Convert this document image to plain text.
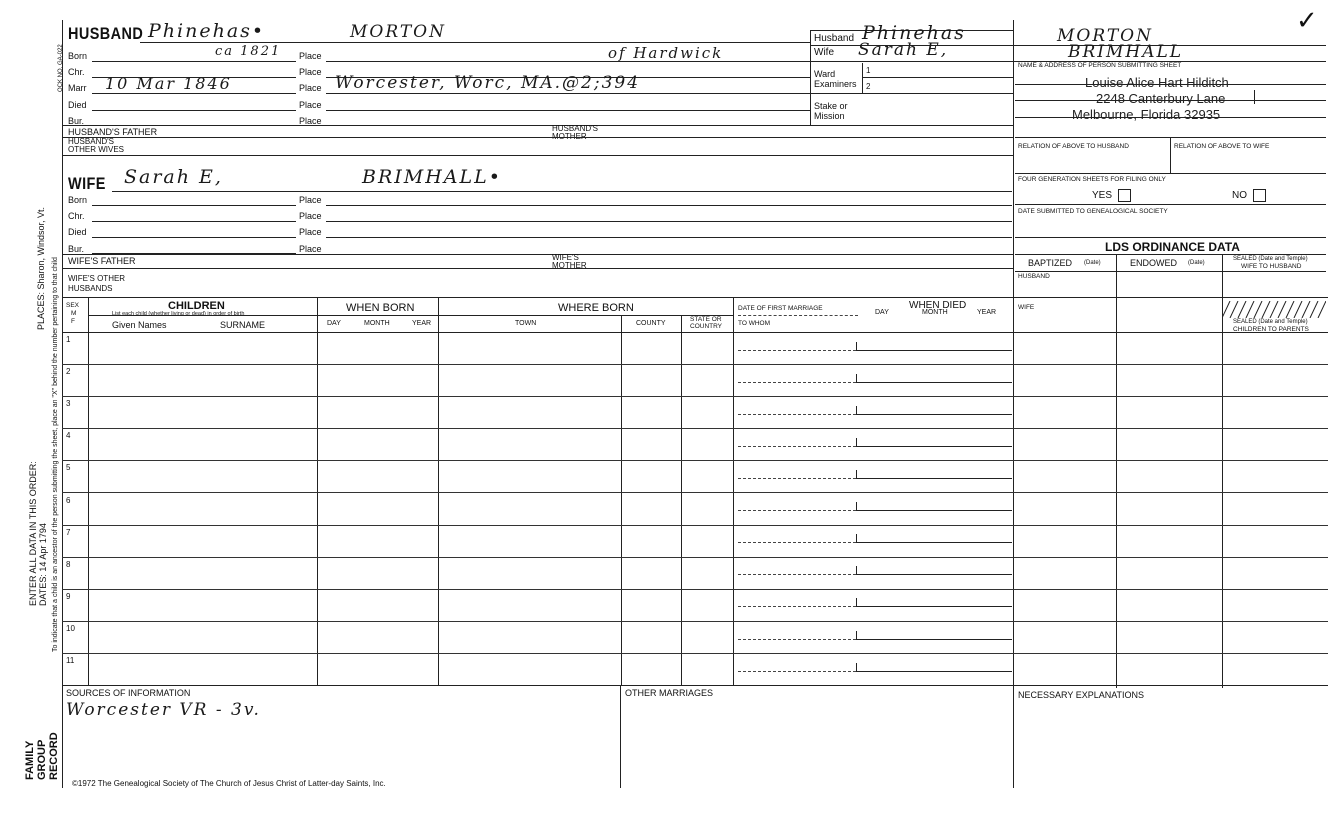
PLACES: Sharon, Windsor, Vt. To indicate that a child is an ancestor of the person submitting the sheet, place an "X" behind the number pertaining to that child
ENTER ALL DATA IN THIS ORDER: DATES: 14 Apr 1794
OCK NO. GA-022
FAMILY GROUP RECORD
HUSBAND Phinehas•	MORTON
Born	ca 1821 Place	of Hardwick
Chr.	Place
Marr 10 Mar 1846	Place Worcester, Worc, MA.@2;394
Died	Place
Bur.	Place
HUSBAND'S FATHER	HUSBAND'S
MOTHER
HUSBAND'S
OTHER WIVES
WIFE Sarah E,	BRIMHALL•
Born	Place
Chr.	Place
Died	Place
Bur.	Place
WIFE'S FATHER	WIFE'S
MOTHER
WIFE'S OTHER
HUSBANDS
Husband Phinehas	MORTON
Wife Sarah E,	BRIMHALL
Ward
Examiners
1
2
Stake or
Mission
✓
NAME & ADDRESS OF PERSON SUBMITTING SHEET
Louise Alice Hart Hilditch
2248 Canterbury Lane
Melbourne, Florida 32935
RELATION OF ABOVE TO HUSBAND	RELATION OF ABOVE TO WIFE
FOUR GENERATION SHEETS FOR FILING ONLY
YES	NO
DATE SUBMITTED TO GENEALOGICAL SOCIETY
LDS ORDINANCE DATA
BAPTIZED (Date)	ENDOWED (Date)
SEALED (Date and Temple)
WIFE TO HUSBAND
HUSBAND
WIFE
SEALED (Date and Temple)
CHILDREN TO PARENTS
SEX
M
F
CHILDREN
List each child (whether living or dead) in order of birth
Given Names	SURNAME
WHEN BORN
DAY	MONTH	YEAR
WHERE BORN
TOWN	COUNTY
STATE OR
COUNTRY
DATE OF FIRST MARRIAGE
TO WHOM
WHEN DIED
DAY	MONTH	YEAR
1
2
3
4
5
6
7
8
9
10
11
SOURCES OF INFORMATION
Worcester VR - 3v.
OTHER MARRIAGES	NECESSARY EXPLANATIONS
©1972 The Genealogical Society of The Church of Jesus Christ of Latter-day Saints, Inc.
